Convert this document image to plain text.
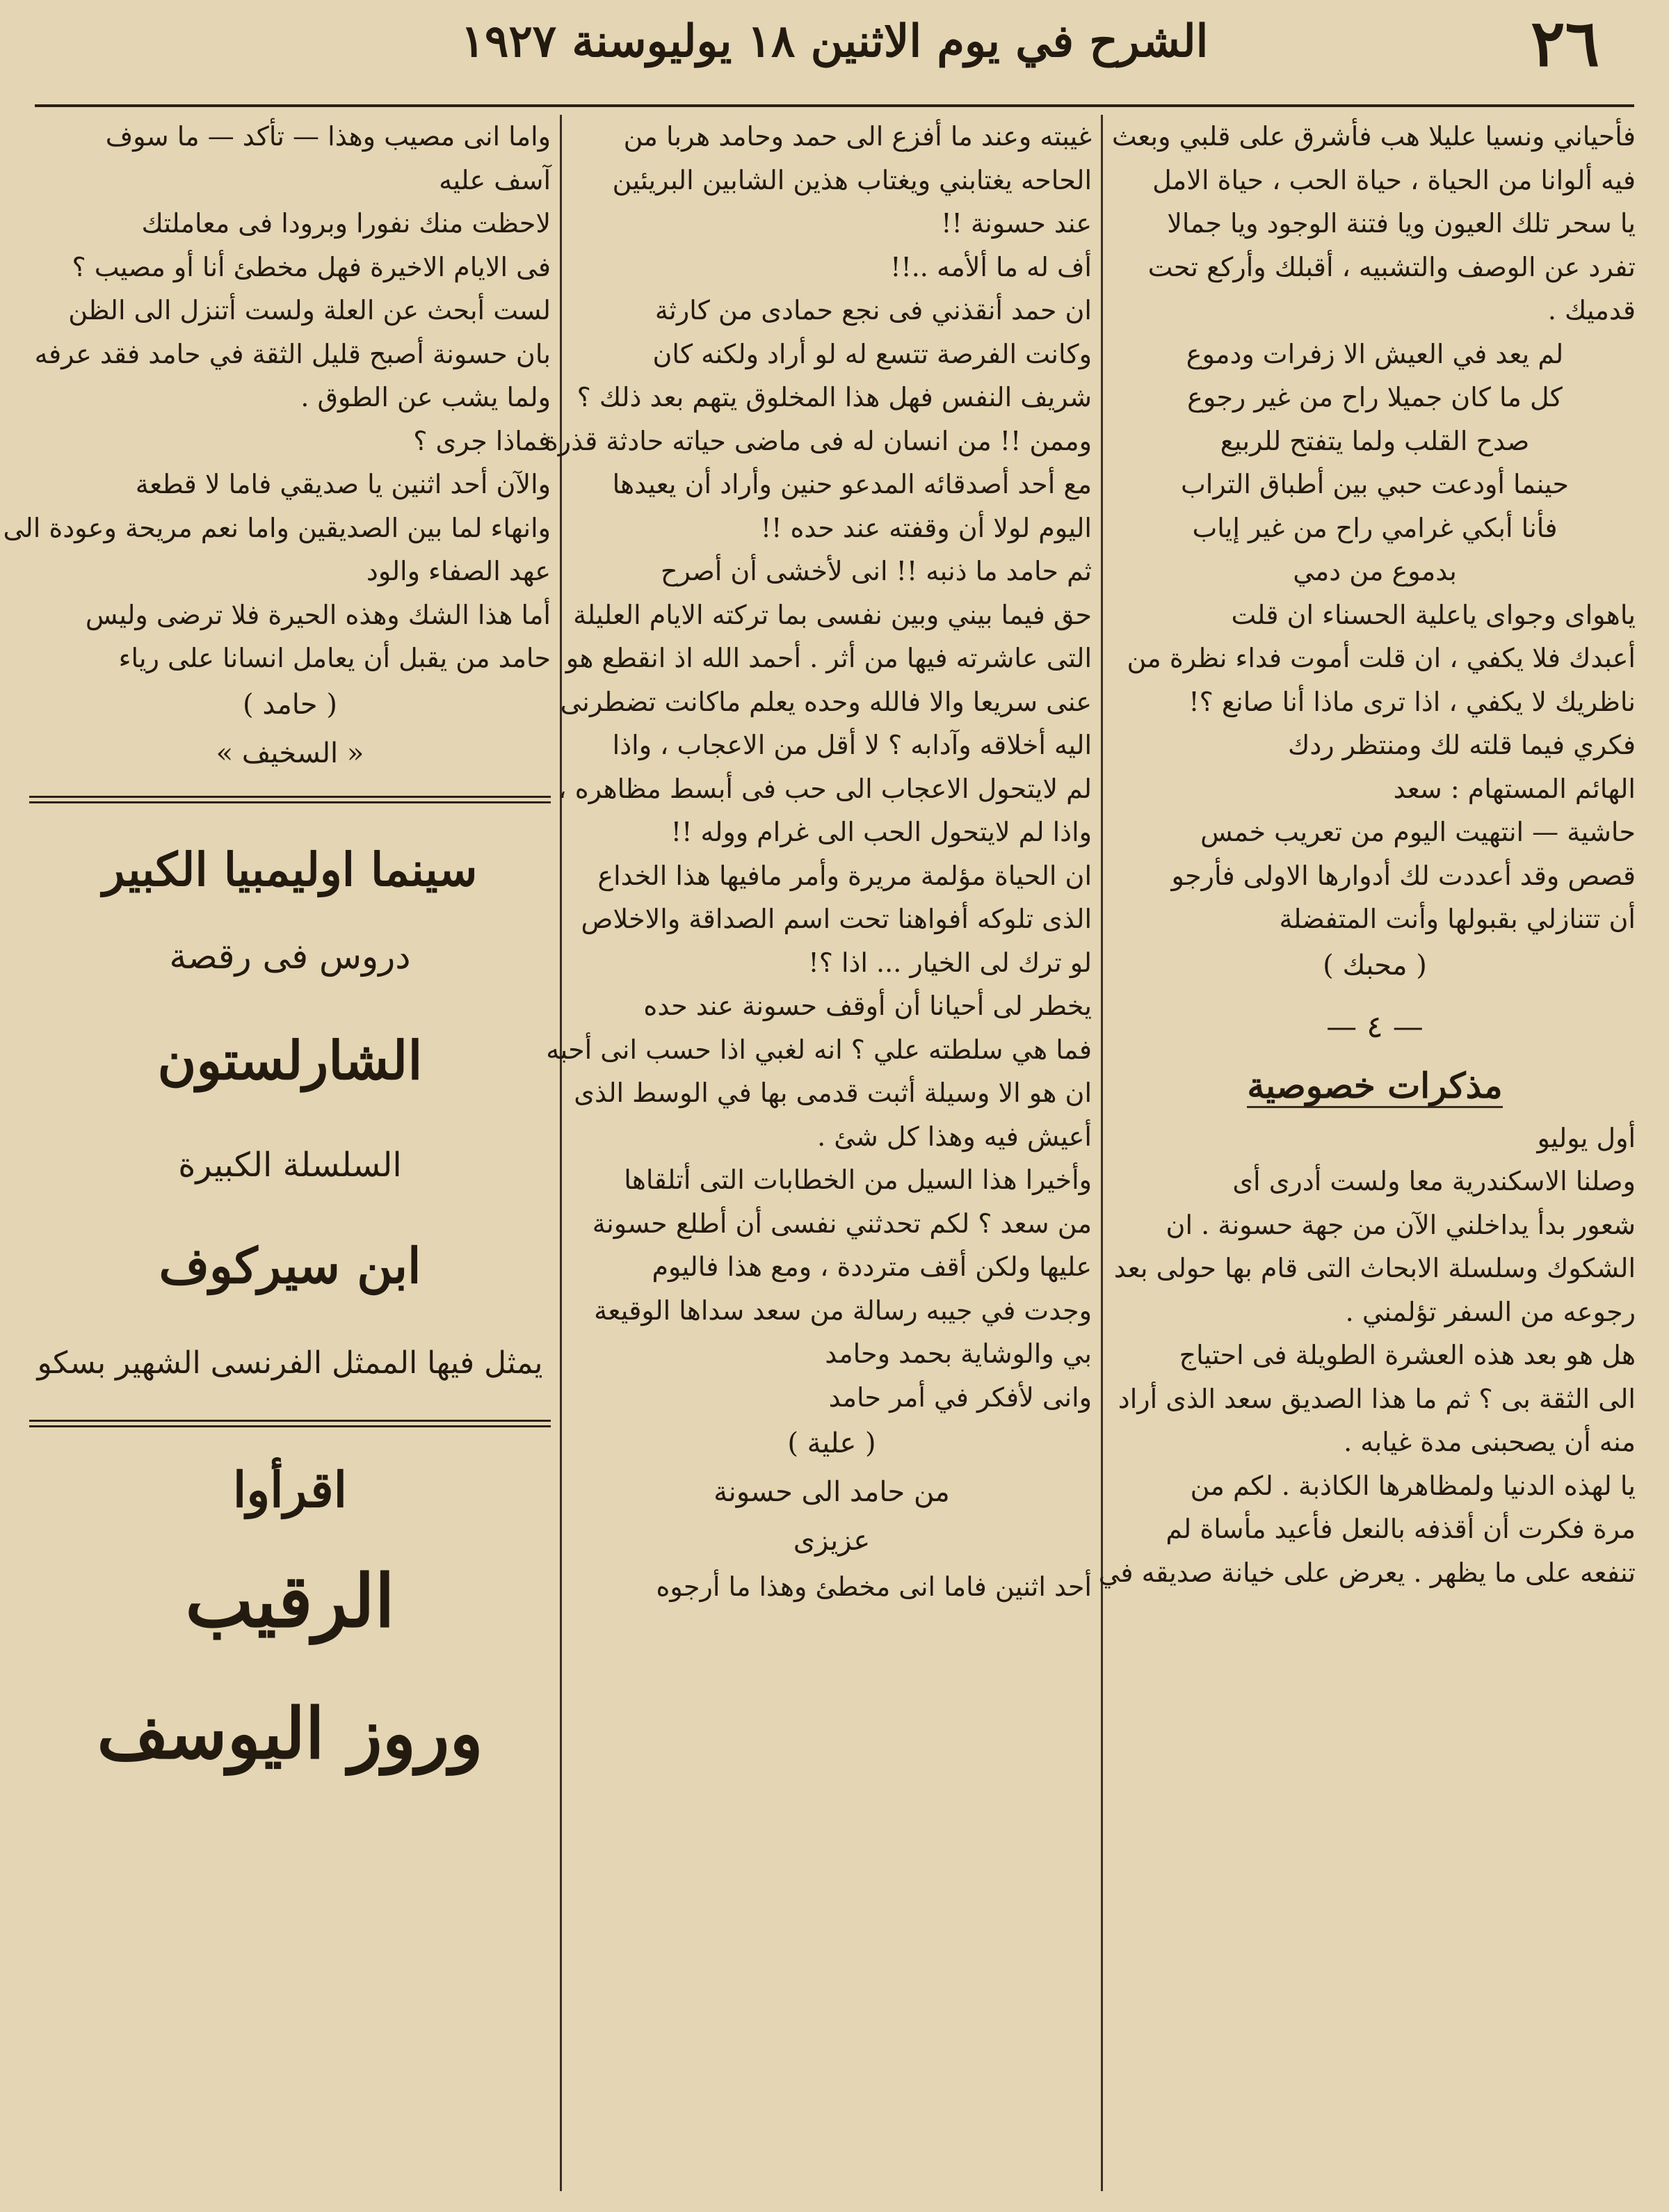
٢٦
الشرح في يوم الاثنين ١٨ يوليوسنة ١٩٢٧

فأحياني ونسيا عليلا هب فأشرق على قلبي وبعث
فيه ألوانا من الحياة ، حياة الحب ، حياة الامل
يا سحر تلك العيون ويا فتنة الوجود ويا جمالا
تفرد عن الوصف والتشبيه ، أقبلك وأركع تحت
قدميك .

لم يعد في العيش الا زفرات ودموع
كل ما كان جميلا راح من غير رجوع
صدح القلب ولما يتفتح للربيع
حينما أودعت حبي بين أطباق التراب
فأنا أبكي غرامي راح من غير إياب
بدموع من دمي

ياهواى وجواى ياعلية الحسناء ان قلت
أعبدك فلا يكفي ، ان قلت أموت فداء نظرة من
ناظريك لا يكفي ، اذا ترى ماذا أنا صانع ؟!
فكري فيما قلته لك ومنتظر ردك
الهائم المستهام : سعد

حاشية — انتهيت اليوم من تعريب خمس
قصص وقد أعددت لك أدوارها الاولى فأرجو
أن تتنازلي بقبولها وأنت المتفضلة

( محبك )
— ٤ —
مذكرات خصوصية

أول يوليو
وصلنا الاسكندرية معا ولست أدرى أى
شعور بدأ يداخلني الآن من جهة حسونة . ان
الشكوك وسلسلة الابحاث التى قام بها حولى بعد
رجوعه من السفر تؤلمني .

هل هو بعد هذه العشرة الطويلة فى احتياج
الى الثقة بى ؟ ثم ما هذا الصديق سعد الذى أراد
منه أن يصحبنى مدة غيابه .

يا لهذه الدنيا ولمظاهرها الكاذبة . لكم من
مرة فكرت أن أقذفه بالنعل فأعيد مأساة لم
تنفعه على ما يظهر . يعرض على خيانة صديقه في

غيبته وعند ما أفزع الى حمد وحامد هربا من
الحاحه يغتابني ويغتاب هذين الشابين البريئين
عند حسونة !!
أف له ما ألأمه ..!!

ان حمد أنقذني فى نجع حمادى من كارثة
وكانت الفرصة تتسع له لو أراد ولكنه كان
شريف النفس فهل هذا المخلوق يتهم بعد ذلك ؟
وممن !! من انسان له فى ماضى حياته حادثة قذرة
مع أحد أصدقائه المدعو حنين وأراد أن يعيدها
اليوم لولا أن وقفته عند حده !!

ثم حامد ما ذنبه !! انى لأخشى أن أصرح
حق فيما بيني وبين نفسى بما تركته الايام العليلة
التى عاشرته فيها من أثر . أحمد الله اذ انقطع هو
عنى سريعا والا فالله وحده يعلم ماكانت تضطرنى
اليه أخلاقه وآدابه ؟ لا أقل من الاعجاب ، واذا
لم لايتحول الاعجاب الى حب فى أبسط مظاهره ،
واذا لم لايتحول الحب الى غرام ووله !!

ان الحياة مؤلمة مريرة وأمر مافيها هذا الخداع
الذى تلوكه أفواهنا تحت اسم الصداقة والاخلاص
لو ترك لى الخيار ... اذا ؟!

يخطر لى أحيانا أن أوقف حسونة عند حده
فما هي سلطته علي ؟ انه لغبي اذا حسب انى أحبه
ان هو الا وسيلة أثبت قدمى بها في الوسط الذى
أعيش فيه وهذا كل شئ .

وأخيرا هذا السيل من الخطابات التى أتلقاها
من سعد ؟ لكم تحدثني نفسى أن أطلع حسونة
عليها ولكن أقف مترددة ، ومع هذا فاليوم
وجدت في جيبه رسالة من سعد سداها الوقيعة
بي والوشاية بحمد وحامد
وانى لأفكر في أمر حامد

( علية )
من حامد الى حسونة
عزيزى

أحد اثنين فاما انى مخطئ وهذا ما أرجوه

واما انى مصيب وهذا — تأكد — ما سوف
آسف عليه

لاحظت منك نفورا وبرودا فى معاملتك
فى الايام الاخيرة فهل مخطئ أنا أو مصيب ؟

لست أبحث عن العلة ولست أتنزل الى الظن
بان حسونة أصبح قليل الثقة في حامد فقد عرفه
ولما يشب عن الطوق .

فماذا جرى ؟

والآن أحد اثنين يا صديقي فاما لا قطعة
وانهاء لما بين الصديقين واما نعم مريحة وعودة الى
عهد الصفاء والود

أما هذا الشك وهذه الحيرة فلا ترضى وليس
حامد من يقبل أن يعامل انسانا على رياء

( حامد )
« السخيف »
سينما اوليمبيا الكبير
دروس فى رقصة
الشارلستون
السلسلة الكبيرة
ابن سيركوف
يمثل فيها الممثل الفرنسى الشهير بسكو
اقرأوا
الرقيب
وروز اليوسف
